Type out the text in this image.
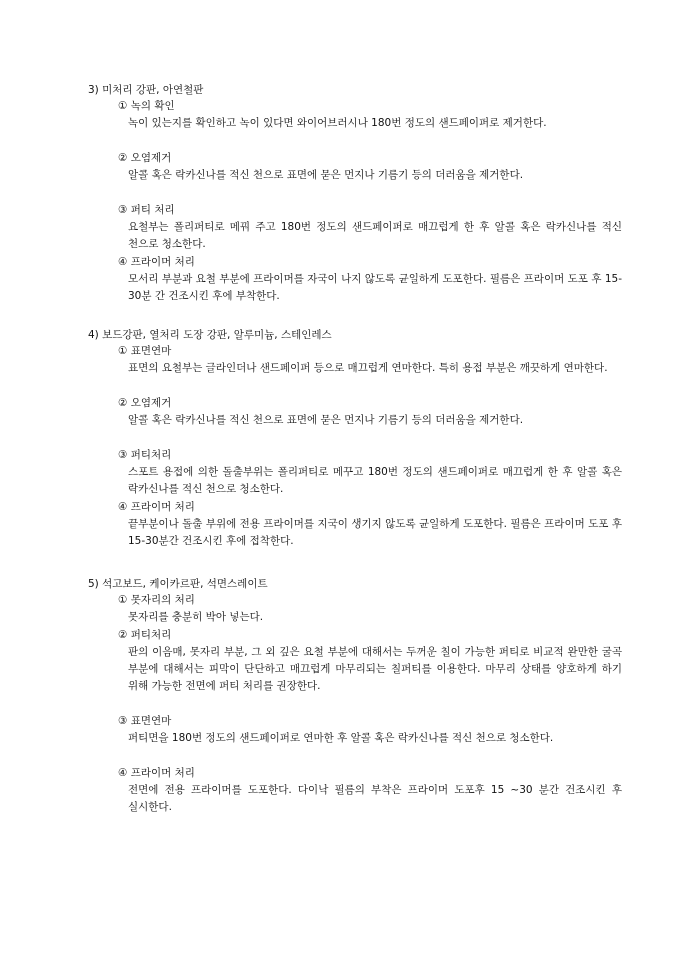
3) 미처리 강판, 아연철판
① 녹의 확인
녹이 있는지를 확인하고 녹이 있다면 와이어브러시나 180번 정도의 샌드페이퍼로 제거한다.
② 오염제거
알콜 혹은 락카신나를 적신 천으로 표면에 묻은 먼지나 기름기 등의 더러움을 제거한다.
③ 퍼티 처리
요철부는 폴리퍼티로 메꿔 주고 180번 정도의 샌드페이퍼로 매끄럽게 한 후 알콜 혹은 락카신나를 적신 천으로 청소한다.
④ 프라이머 처리
모서리 부분과 요철 부분에 프라이머를 자국이 나지 않도록 균일하게 도포한다. 필름은 프라이머 도포 후 15-30분 간 건조시킨 후에 부착한다.
4) 보드강판, 열처리 도장 강판, 알루미늄, 스테인레스
① 표면연마
표면의 요철부는 글라인더나 샌드페이퍼 등으로 매끄럽게 연마한다. 특히 용접 부분은 깨끗하게 연마한다.
② 오염제거
알콜 혹은 락카신나를 적신 천으로 표면에 묻은 먼지나 기름기 등의 더러움을 제거한다.
③ 퍼티처리
스포트 용접에 의한 돌출부위는 폴리퍼티로 메꾸고 180번 정도의 샌드페이퍼로 매끄럽게 한 후 알콜 혹은 락카신나를 적신 천으로 청소한다.
④ 프라이머 처리
끝부분이나 돌출 부위에 전용 프라이머를 지국이 생기지 않도록 균일하게 도포한다. 필름은 프라이머 도포 후 15-30분간 건조시킨 후에 접착한다.
5) 석고보드, 케이카르판, 석면스레이트
① 못자리의 처리
못자리를 충분히 박아 넣는다.
② 퍼티처리
판의 이음매, 못자리 부분, 그 외 깊은 요철 부분에 대해서는 두꺼운 칠이 가능한 퍼티로 비교적 완만한 굴곡 부분에 대해서는 피막이 단단하고 매끄럽게 마무리되는 칠퍼티를 이용한다. 마무리 상태를 양호하게 하기 위해 가능한 전면에 퍼티 처리를 권장한다.
③ 표면연마
퍼티면을 180번 정도의 샌드페이퍼로 연마한 후 알콜 혹은 락카신나를 적신 천으로 청소한다.
④ 프라이머 처리
전면에 전용 프라이머를 도포한다. 다이낙 필름의 부착은 프라이머 도포후 15 ~30 분간 건조시킨 후 실시한다.
